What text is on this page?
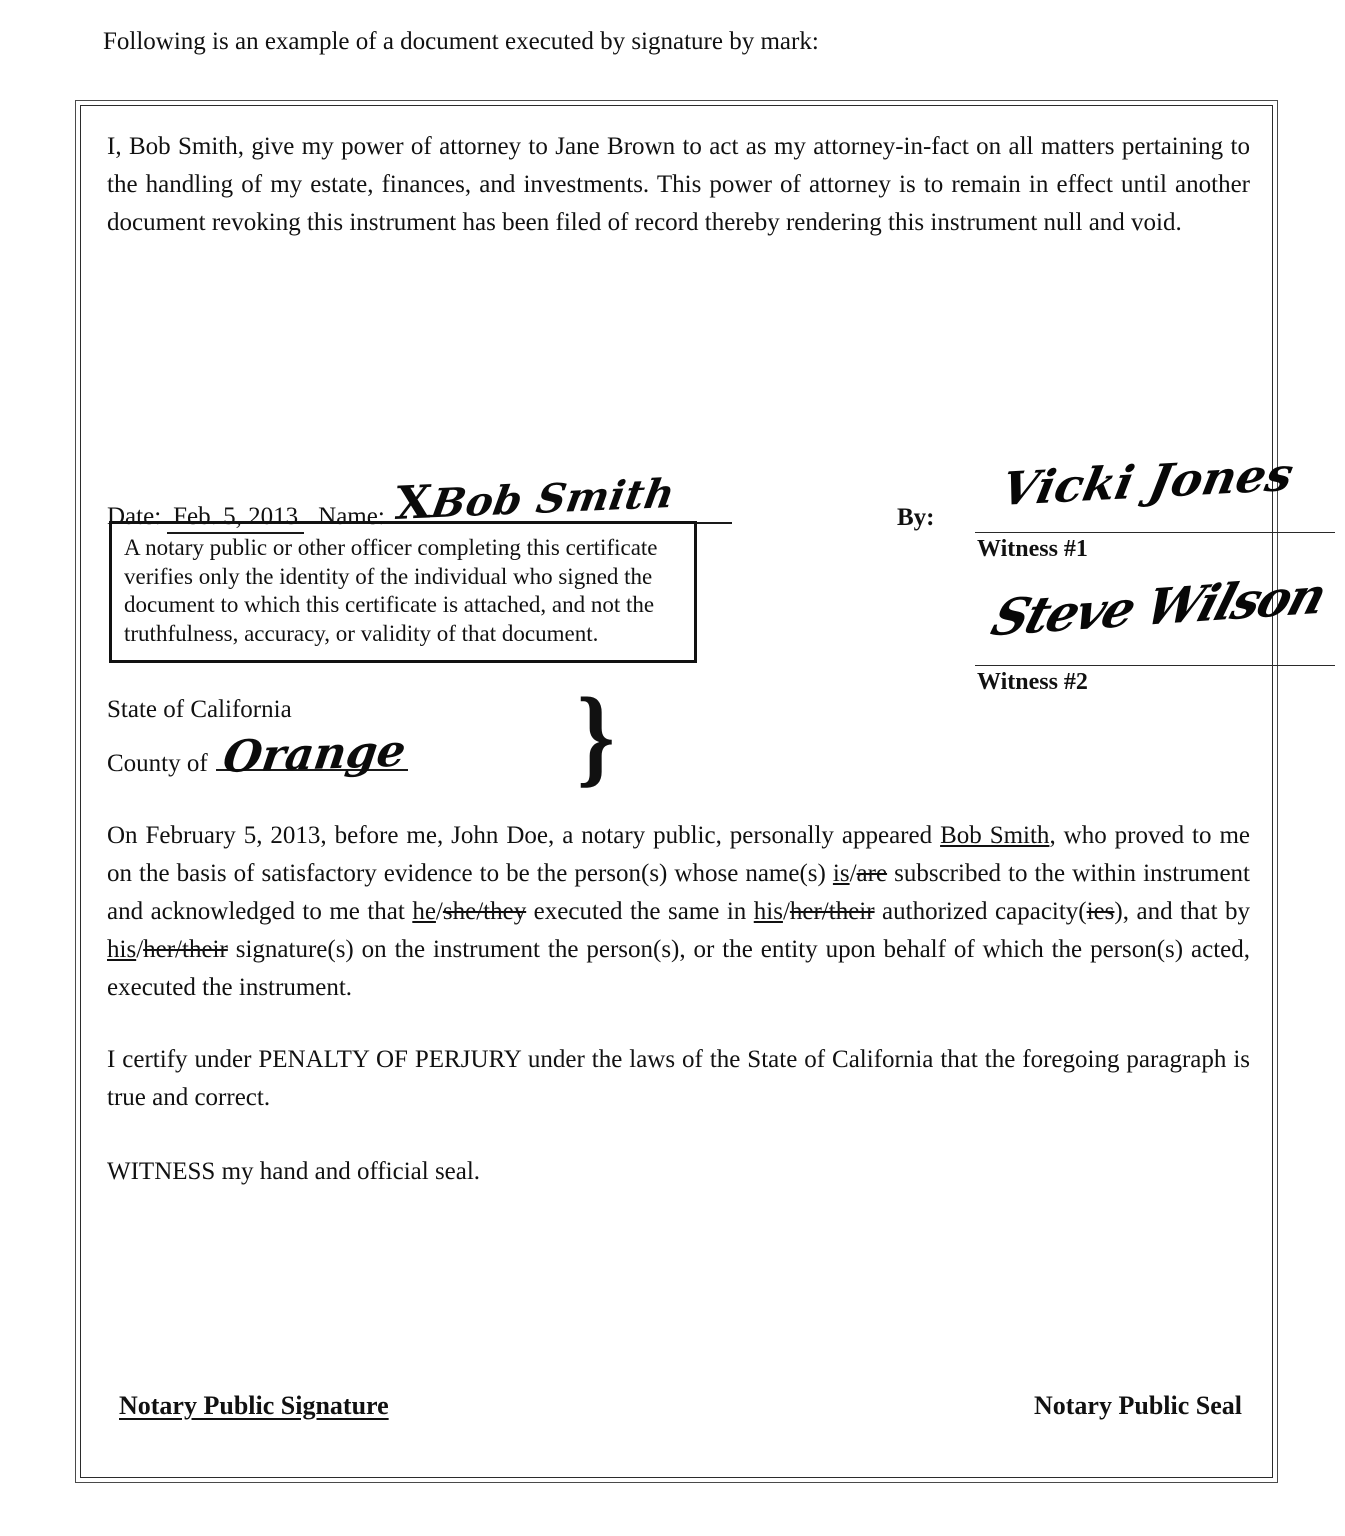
Following is an example of a document executed by signature by mark:

I, Bob Smith, give my power of attorney to Jane Brown to act as my attorney-in-fact on all matters pertaining to the handling of my estate, finances, and investments. This power of attorney is to remain in effect until another document revoking this instrument has been filed of record thereby rendering this instrument null and void.

Date: Feb. 5, 2013 Name: XBob Smith	By:
Vicki Jones
Witness #1
Steve Wilson
Witness #2

A notary public or other officer completing this certificate verifies only the identity of the individual who signed the document to which this certificate is attached, and not the truthfulness, accuracy, or validity of that document.

State of California
County of Orange }

On February 5, 2013, before me, John Doe, a notary public, personally appeared Bob Smith, who proved to me on the basis of satisfactory evidence to be the person(s) whose name(s) is/are subscribed to the within instrument and acknowledged to me that he/she/they executed the same in his/her/their authorized capacity(ies), and that by his/her/their signature(s) on the instrument the person(s), or the entity upon behalf of which the person(s) acted, executed the instrument.

I certify under PENALTY OF PERJURY under the laws of the State of California that the foregoing paragraph is true and correct.

WITNESS my hand and official seal.

Notary Public Signature	Notary Public Seal
